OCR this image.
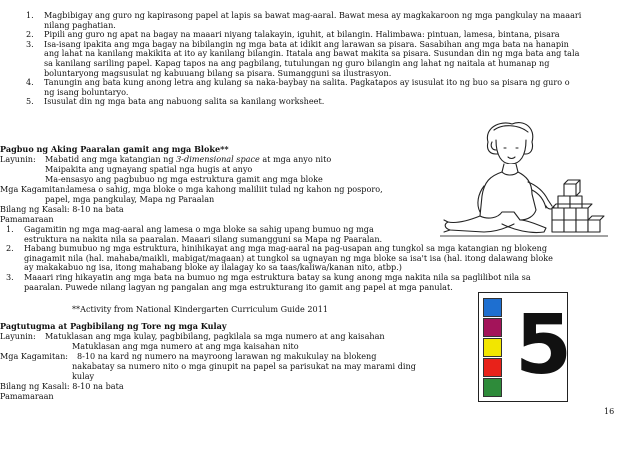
1. Magbibigay ang guro ng kapirasong papel at lapis sa bawat mag-aaral. Bawat mesa ay magkakaroon ng mga pangkulay na maaari
nilang paghatian.
2. Pipili ang guro ng apat na bagay na maaari niyang talakayin, iguhit, at bilangin. Halimbawa: pintuan, lamesa, bintana, pisara
3. Isa-isang ipakita ang mga bagay na bibilangin ng mga bata at idikit ang larawan sa pisara. Sasabihan ang mga bata na hanapin
ang lahat na kanilang makikita at ito ay kanilang bilangin. Itatala ang bawat makita sa pisara. Susundan din ng mga bata ang tala
sa kanilang sariling papel. Kapag tapos na ang pagbilang, tutulungan ng guro bilangin ang lahat ng naitala at humanap ng
boluntaryong magsusulat ng kabuuang bilang sa pisara. Sumangguni sa ilustrasyon.
4. Tanungin ang bata kung anong letra ang kulang sa naka-baybay na salita. Pagkatapos ay isusulat ito ng buo sa pisara ng guro o
ng isang boluntaryo.
5. Isusulat din ng mga bata ang nabuong salita sa kanilang worksheet.
Pagbuo ng Aking Paaralan gamit ang mga Bloke**
Layunin: Mabatid ang mga katangian ng 3-dimensional space at mga anyo nito
Maipakita ang ugnayang spatial nga hugis at anyo
Ma-ensasyo ang pagbubuo ng mga estruktura gamit ang mga bloke
Mga Kagamitan:
lamesa o sahig, mga bloke o mga kahong maliliit tulad ng kahon ng posporo,
papel, mga pangkulay, Mapa ng Paraalan
Bilang ng Kasali: 8-10 na bata
Pamamaraan
1. Gagamitin ng mga mag-aaral ang lamesa o mga bloke sa sahig upang bumuo ng mga
estruktura na nakita nila sa paaralan. Maaari silang sumangguni sa Mapa ng Paaralan.
2. Habang bumubuo ng mga estruktura, hinihikayat ang mga mag-aaral na pag-usapan ang tungkol sa mga katangian ng blokeng
ginagamit nila (hal. mahaba/maikli, mabigat/magaan) at tungkol sa ugnayan ng mga bloke sa isa't isa (hal. itong dalawang bloke
ay makakabuo ng isa, itong mahabang bloke ay ilalagay ko sa taas/kaliwa/kanan nito, atbp.)
3. Maaari ring hikayatin ang mga bata na bumuo ng mga estruktura batay sa kung anong mga nakita nila sa paglilibot nila sa
paaralan. Puwede nilang lagyan ng pangalan ang mga estrukturang ito gamit ang papel at mga panulat.
**Activity from National Kindergarten Curriculum Guide 2011
Pagtutugma at Pagbibilang ng Tore ng mga Kulay
Layunin: Matuklasan ang mga kulay, pagbibilang, pagkilala sa mga numero at ang kaisahan
Matuklasan ang mga numero at ang mga kaisahan nito
Mga Kagamitan: 8-10 na kard ng numero na mayroong larawan ng makukulay na blokeng
nakabatay sa numero nito o mga ginupit na papel sa parisukat na may marami ding
kulay
Bilang ng Kasali: 8-10 na bata
Pamamaraan
5
16
